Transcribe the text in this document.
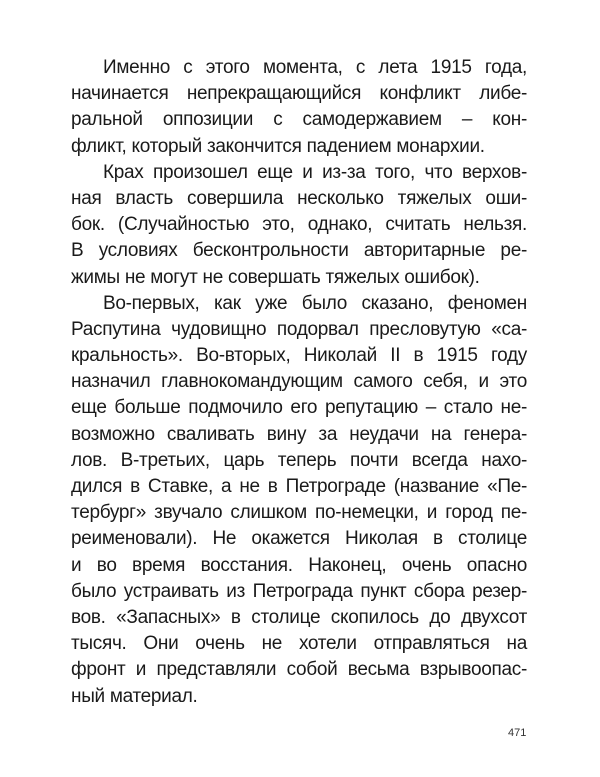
Именно с этого момента, с лета 1915 года,
начинается непрекращающийся конфликт либе-
ральной оппозиции с самодержавием – кон-
фликт, который закончится падением монархии.
Крах произошел еще и из-за того, что верхов-
ная власть совершила несколько тяжелых оши-
бок. (Случайностью это, однако, считать нельзя.
В условиях бесконтрольности авторитарные ре-
жимы не могут не совершать тяжелых ошибок).
Во-первых, как уже было сказано, феномен
Распутина чудовищно подорвал пресловутую «са-
кральность». Во-вторых, Николай II в 1915 году
назначил главнокомандующим самого себя, и это
еще больше подмочило его репутацию – стало не-
возможно сваливать вину за неудачи на генера-
лов. В-третьих, царь теперь почти всегда нахо-
дился в Ставке, а не в Петрограде (название «Пе-
тербург» звучало слишком по-немецки, и город пе-
реименовали). Не окажется Николая в столице
и во время восстания. Наконец, очень опасно
было устраивать из Петрограда пункт сбора резер-
вов. «Запасных» в столице скопилось до двухсот
тысяч. Они очень не хотели отправляться на
фронт и представляли собой весьма взрывоопас-
ный материал.
471
